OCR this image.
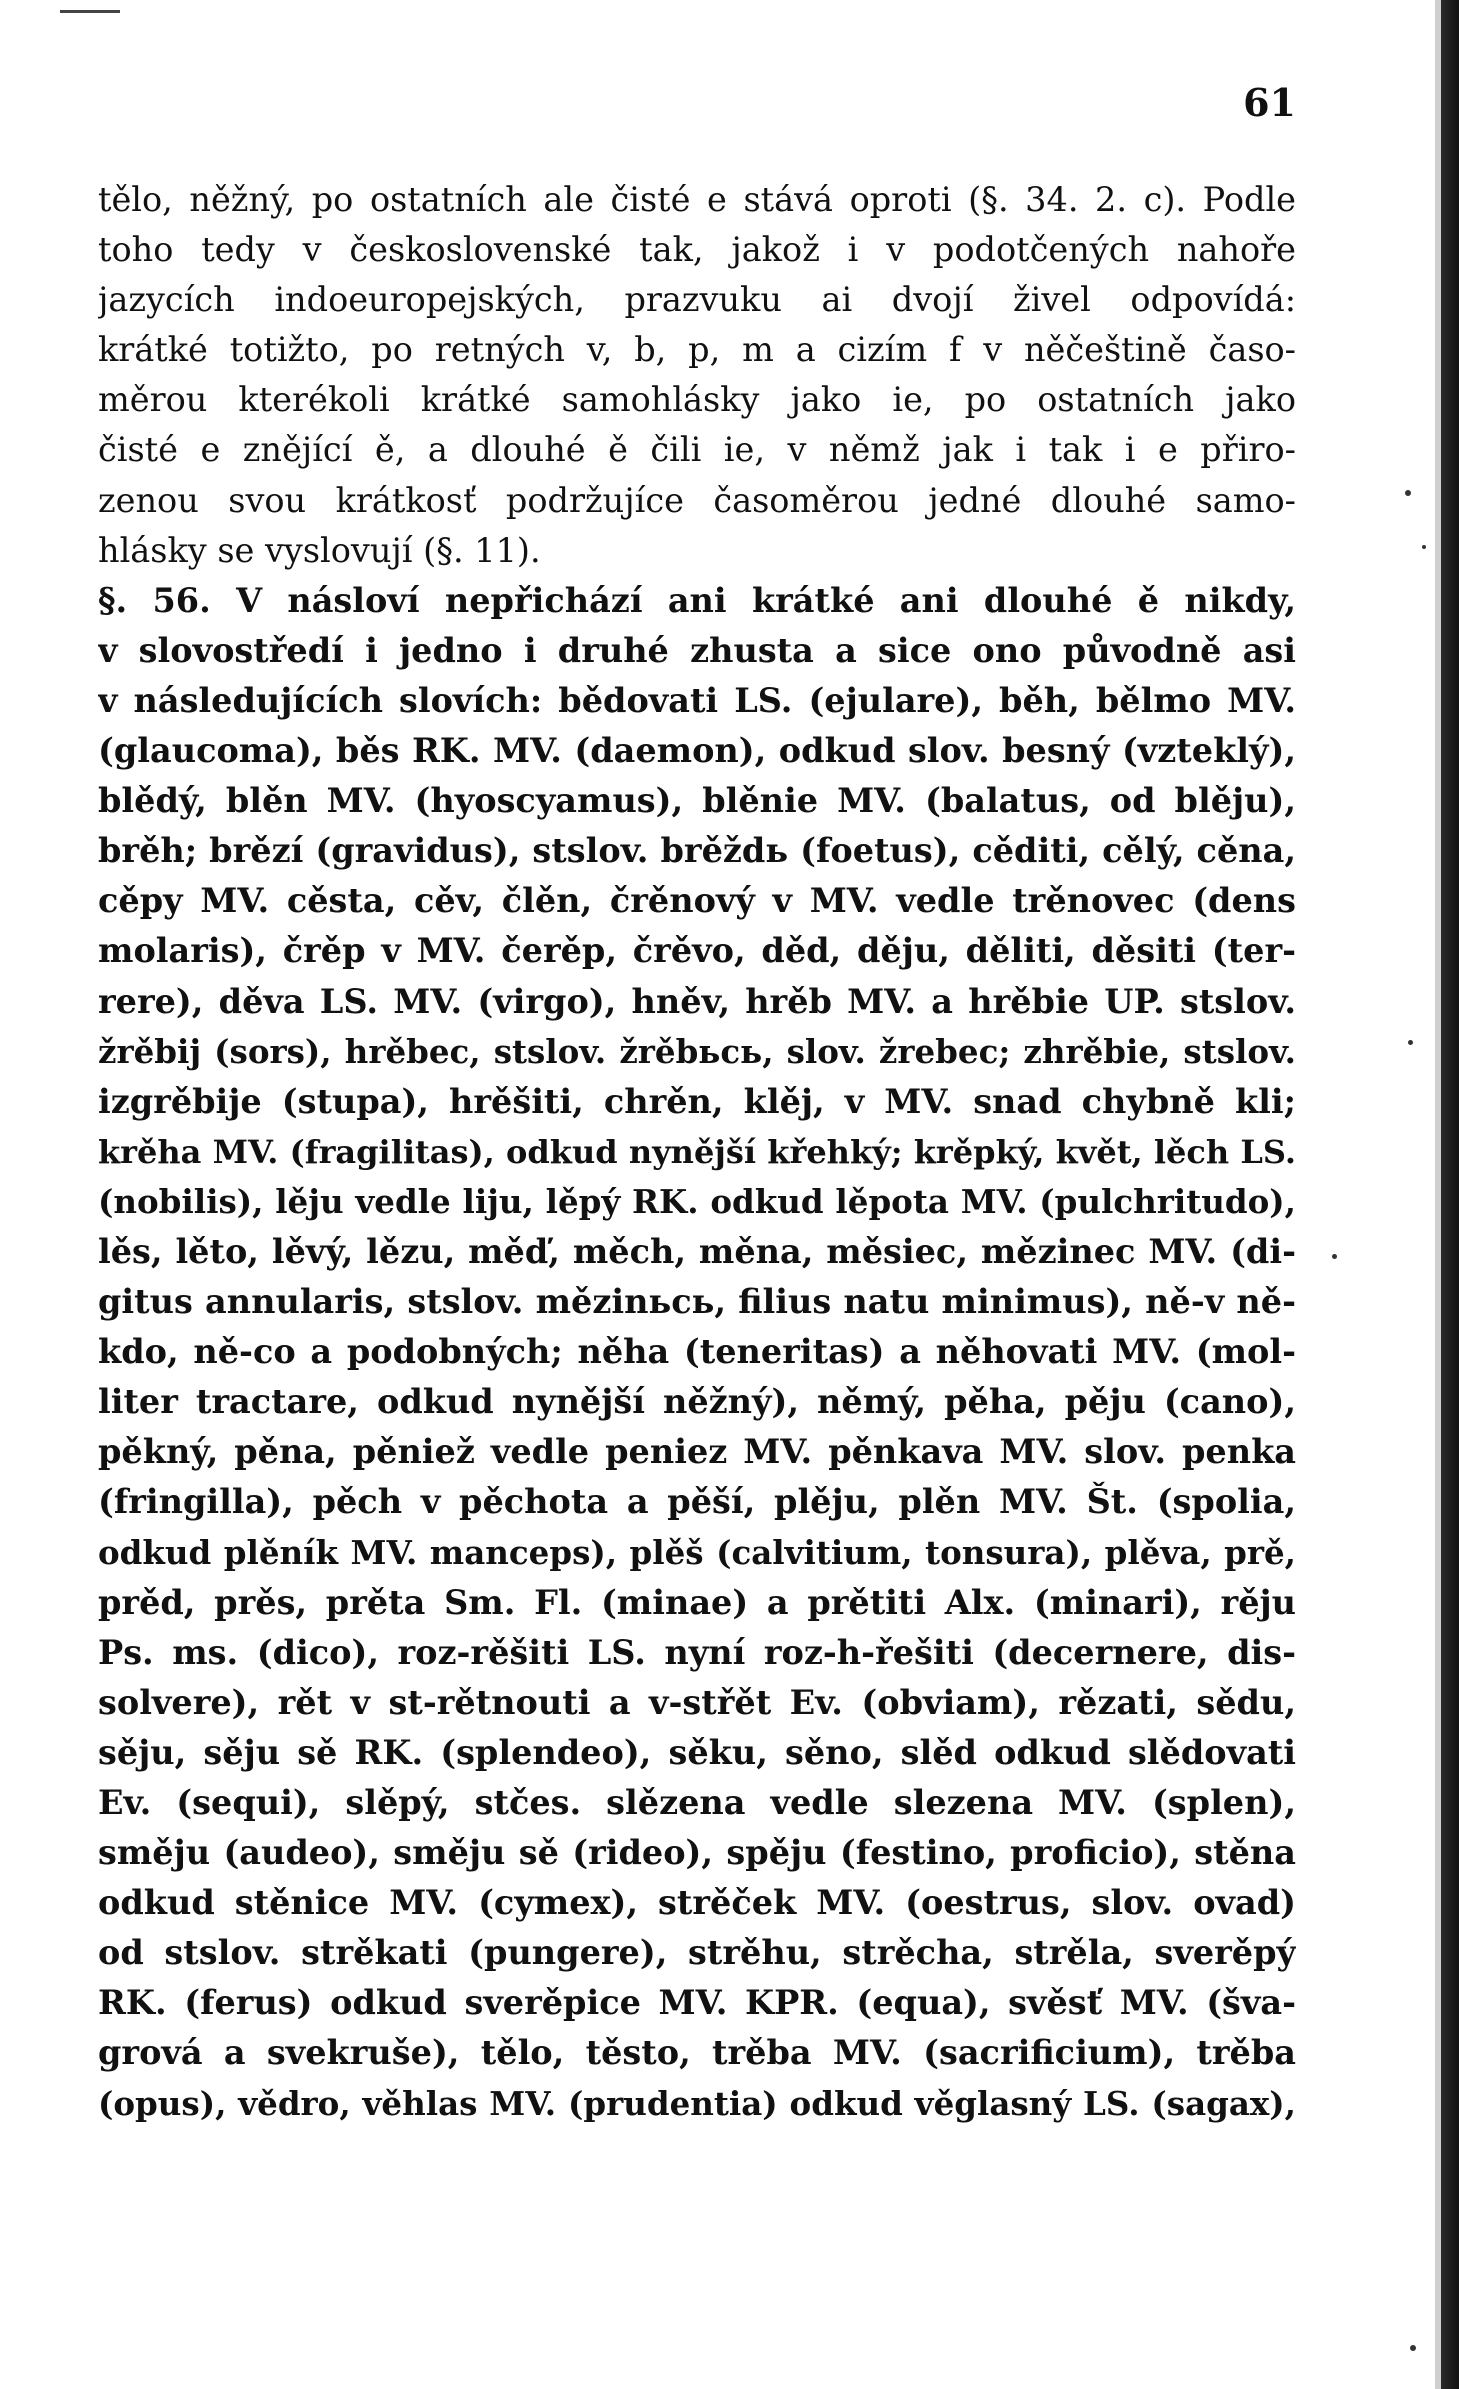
61
tělo, něžný, po ostatních ale čisté e stává oproti (§. 34. 2. c). Podle
toho tedy v československé tak, jakož i v podotčených nahoře
jazycích indoeuropejských, prazvuku ai dvojí živel odpovídá:
krátké totižto, po retných v, b, p, m a cizím f v něčeštině časo-
měrou kterékoli krátké samohlásky jako ie, po ostatních jako
čisté e znějící ě, a dlouhé ě čili ie, v němž jak i tak i e přiro-
zenou svou krátkosť podržujíce časoměrou jedné dlouhé samo-
hlásky se vyslovují (§. 11).
§. 56. V násloví nepřichází ani krátké ani dlouhé ě nikdy,
v slovostředí i jedno i druhé zhusta a sice ono původně asi
v následujících slovích: bědovati LS. (ejulare), běh, bělmo MV.
(glaucoma), běs RK. MV. (daemon), odkud slov. besný (vzteklý),
blědý, blěn MV. (hyoscyamus), blěnie MV. (balatus, od blěju),
brěh; brězí (gravidus), stslov. brěždь (foetus), cěditi, cělý, cěna,
cěpy MV. cěsta, cěv, člěn, črěnový v MV. vedle trěnovec (dens
molaris), črěp v MV. čerěp, črěvo, děd, děju, děliti, děsiti (ter-
rere), děva LS. MV. (virgo), hněv, hrěb MV. a hrěbie UP. stslov.
žrěbij (sors), hrěbec, stslov. žrěbьcь, slov. žrebec; zhrěbie, stslov.
izgrěbije (stupa), hrěšiti, chrěn, klěj, v MV. snad chybně kli;
krěha MV. (fragilitas), odkud nynější křehký; krěpký, květ, lěch LS.
(nobilis), lěju vedle liju, lěpý RK. odkud lěpota MV. (pulchritudo),
lěs, lěto, lěvý, lězu, měď, měch, měna, měsiec, mězinec MV. (di-
gitus annularis, stslov. mězinьcь, filius natu minimus), ně-v ně-
kdo, ně-co a podobných; něha (teneritas) a něhovati MV. (mol-
liter tractare, odkud nynější něžný), němý, pěha, pěju (cano),
pěkný, pěna, pěniež vedle peniez MV. pěnkava MV. slov. penka
(fringilla), pěch v pěchota a pěší, plěju, plěn MV. Št. (spolia,
odkud plěník MV. manceps), plěš (calvitium, tonsura), plěva, prě,
prěd, prěs, prěta Sm. Fl. (minae) a prětiti Alx. (minari), rěju
Ps. ms. (dico), roz-rěšiti LS. nyní roz-h-řešiti (decernere, dis-
solvere), rět v st-rětnouti a v-střět Ev. (obviam), rězati, sědu,
sěju, sěju sě RK. (splendeo), sěku, sěno, slěd odkud slědovati
Ev. (sequi), slěpý, stčes. slězena vedle slezena MV. (splen),
směju (audeo), směju sě (rideo), spěju (festino, proficio), stěna
odkud stěnice MV. (cymex), strěček MV. (oestrus, slov. ovad)
od stslov. strěkati (pungere), strěhu, strěcha, strěla, sverěpý
RK. (ferus) odkud sverěpice MV. KPR. (equa), svěsť MV. (šva-
grová a svekruše), tělo, těsto, trěba MV. (sacrificium), trěba
(opus), vědro, věhlas MV. (prudentia) odkud věglasný LS. (sagax),
